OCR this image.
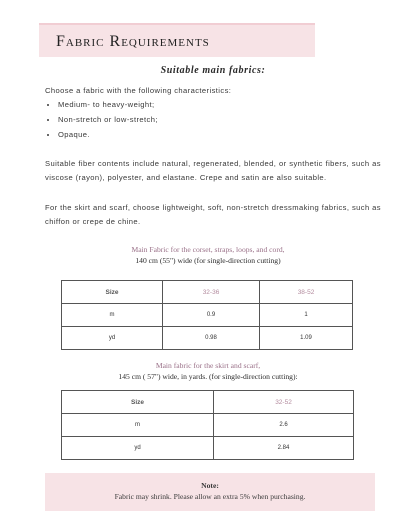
Fabric Requirements
Suitable main fabrics:

Choose a fabric with the following characteristics:

• Medium- to heavy-weight;
• Non-stretch or low-stretch;
• Opaque.

Suitable fiber contents include natural, regenerated, blended, or synthetic fibers, such as viscose (rayon), polyester, and elastane. Crepe and satin are also suitable.

For the skirt and scarf, choose lightweight, soft, non-stretch dressmaking fabrics, such as chiffon or crepe de chine.

Main Fabric for the corset, straps, loops, and cord,
140 cm (55") wide (for single-direction cutting)
Size	32-36	38-52
m	0.9	1
yd	0.98	1.09
Main fabric for the skirt and scarf,
145 cm ( 57") wide, in yards. (for single-direction cutting):
Size	32-52
m	2.6
yd	2.84
Note:
Fabric may shrink. Please allow an extra 5% when purchasing.
